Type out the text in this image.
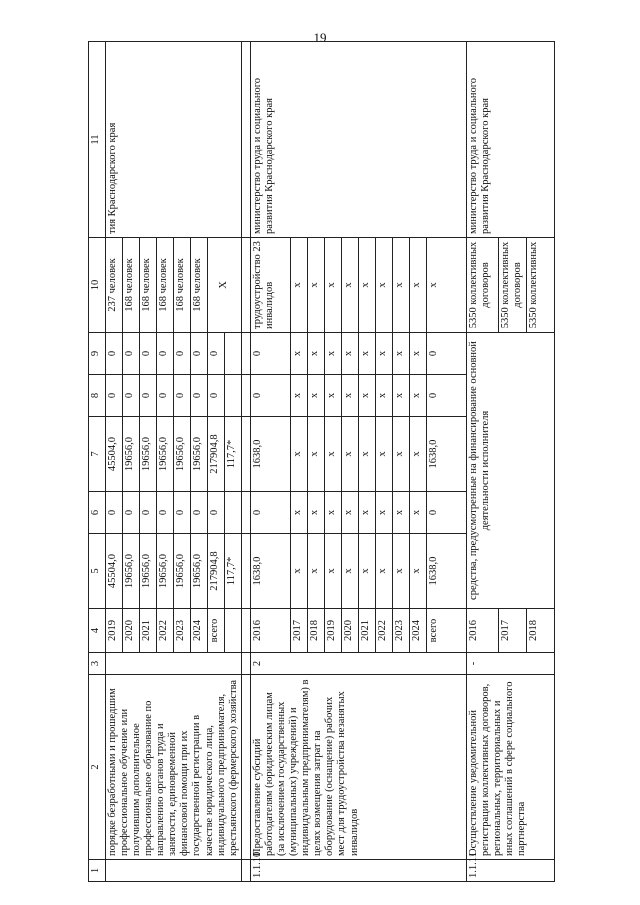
19
1	2	3	4	5	6	7	8	9	10	11
	порядке безработными и прошедшим профессиональное обучение или получившим дополнительное профессиональное образование по направлению органов труда и занятости, единовременной финансовой помощи при их государственной регистрации в качестве юридического лица, индивидуального предпринимателя, крестьянского (фермерского) хозяйства		2019	45504,0	0	45504,0	0	0	237 человек	тия Краснодарского края
			2020	19656,0	0	19656,0	0	0	168 человек	
			2021	19656,0	0	19656,0	0	0	168 человек	
			2022	19656,0	0	19656,0	0	0	168 человек	
			2023	19656,0	0	19656,0	0	0	168 человек	
			2024	19656,0	0	19656,0	0	0	168 человек	
			всего	217904,8	0	217904,8	0	0	X	
				117,7*		117,7*				

1.1.10	Предоставление субсидий работодателям (юридическим лицам (за исключением государственных (муниципальных) учреждений) и индивидуальным предпринимателям) в целях возмещения затрат на оборудование (оснащение) рабочих мест для трудоустройства незанятых инвалидов	2	2016	1638,0	0	1638,0	0	0	трудоустройство 23 инвалидов	министерство труда и социального развития Краснодарского края
			2017	x	x	x	x	x	x	
			2018	x	x	x	x	x	x	
			2019	x	x	x	x	x	x	
			2020	x	x	x	x	x	x	
			2021	x	x	x	x	x	x	
			2022	x	x	x	x	x	x	
			2023	x	x	x	x	x	x	
			2024	x	x	x	x	x	x	
			всего	1638,0	0	1638,0	0	0	x	
1.1.11	Осуществление уведомительной регистрации коллективных договоров, региональных, территориальных и иных соглашений в сфере социального партнерства	-	2016	средства, предусмотренные на финансирование основной деятельности исполнителя					5350 коллективных договоров	министерство труда и социального развития Краснодарского края
			2017						5350 коллективных договоров	
			2018						5350 коллективных	
